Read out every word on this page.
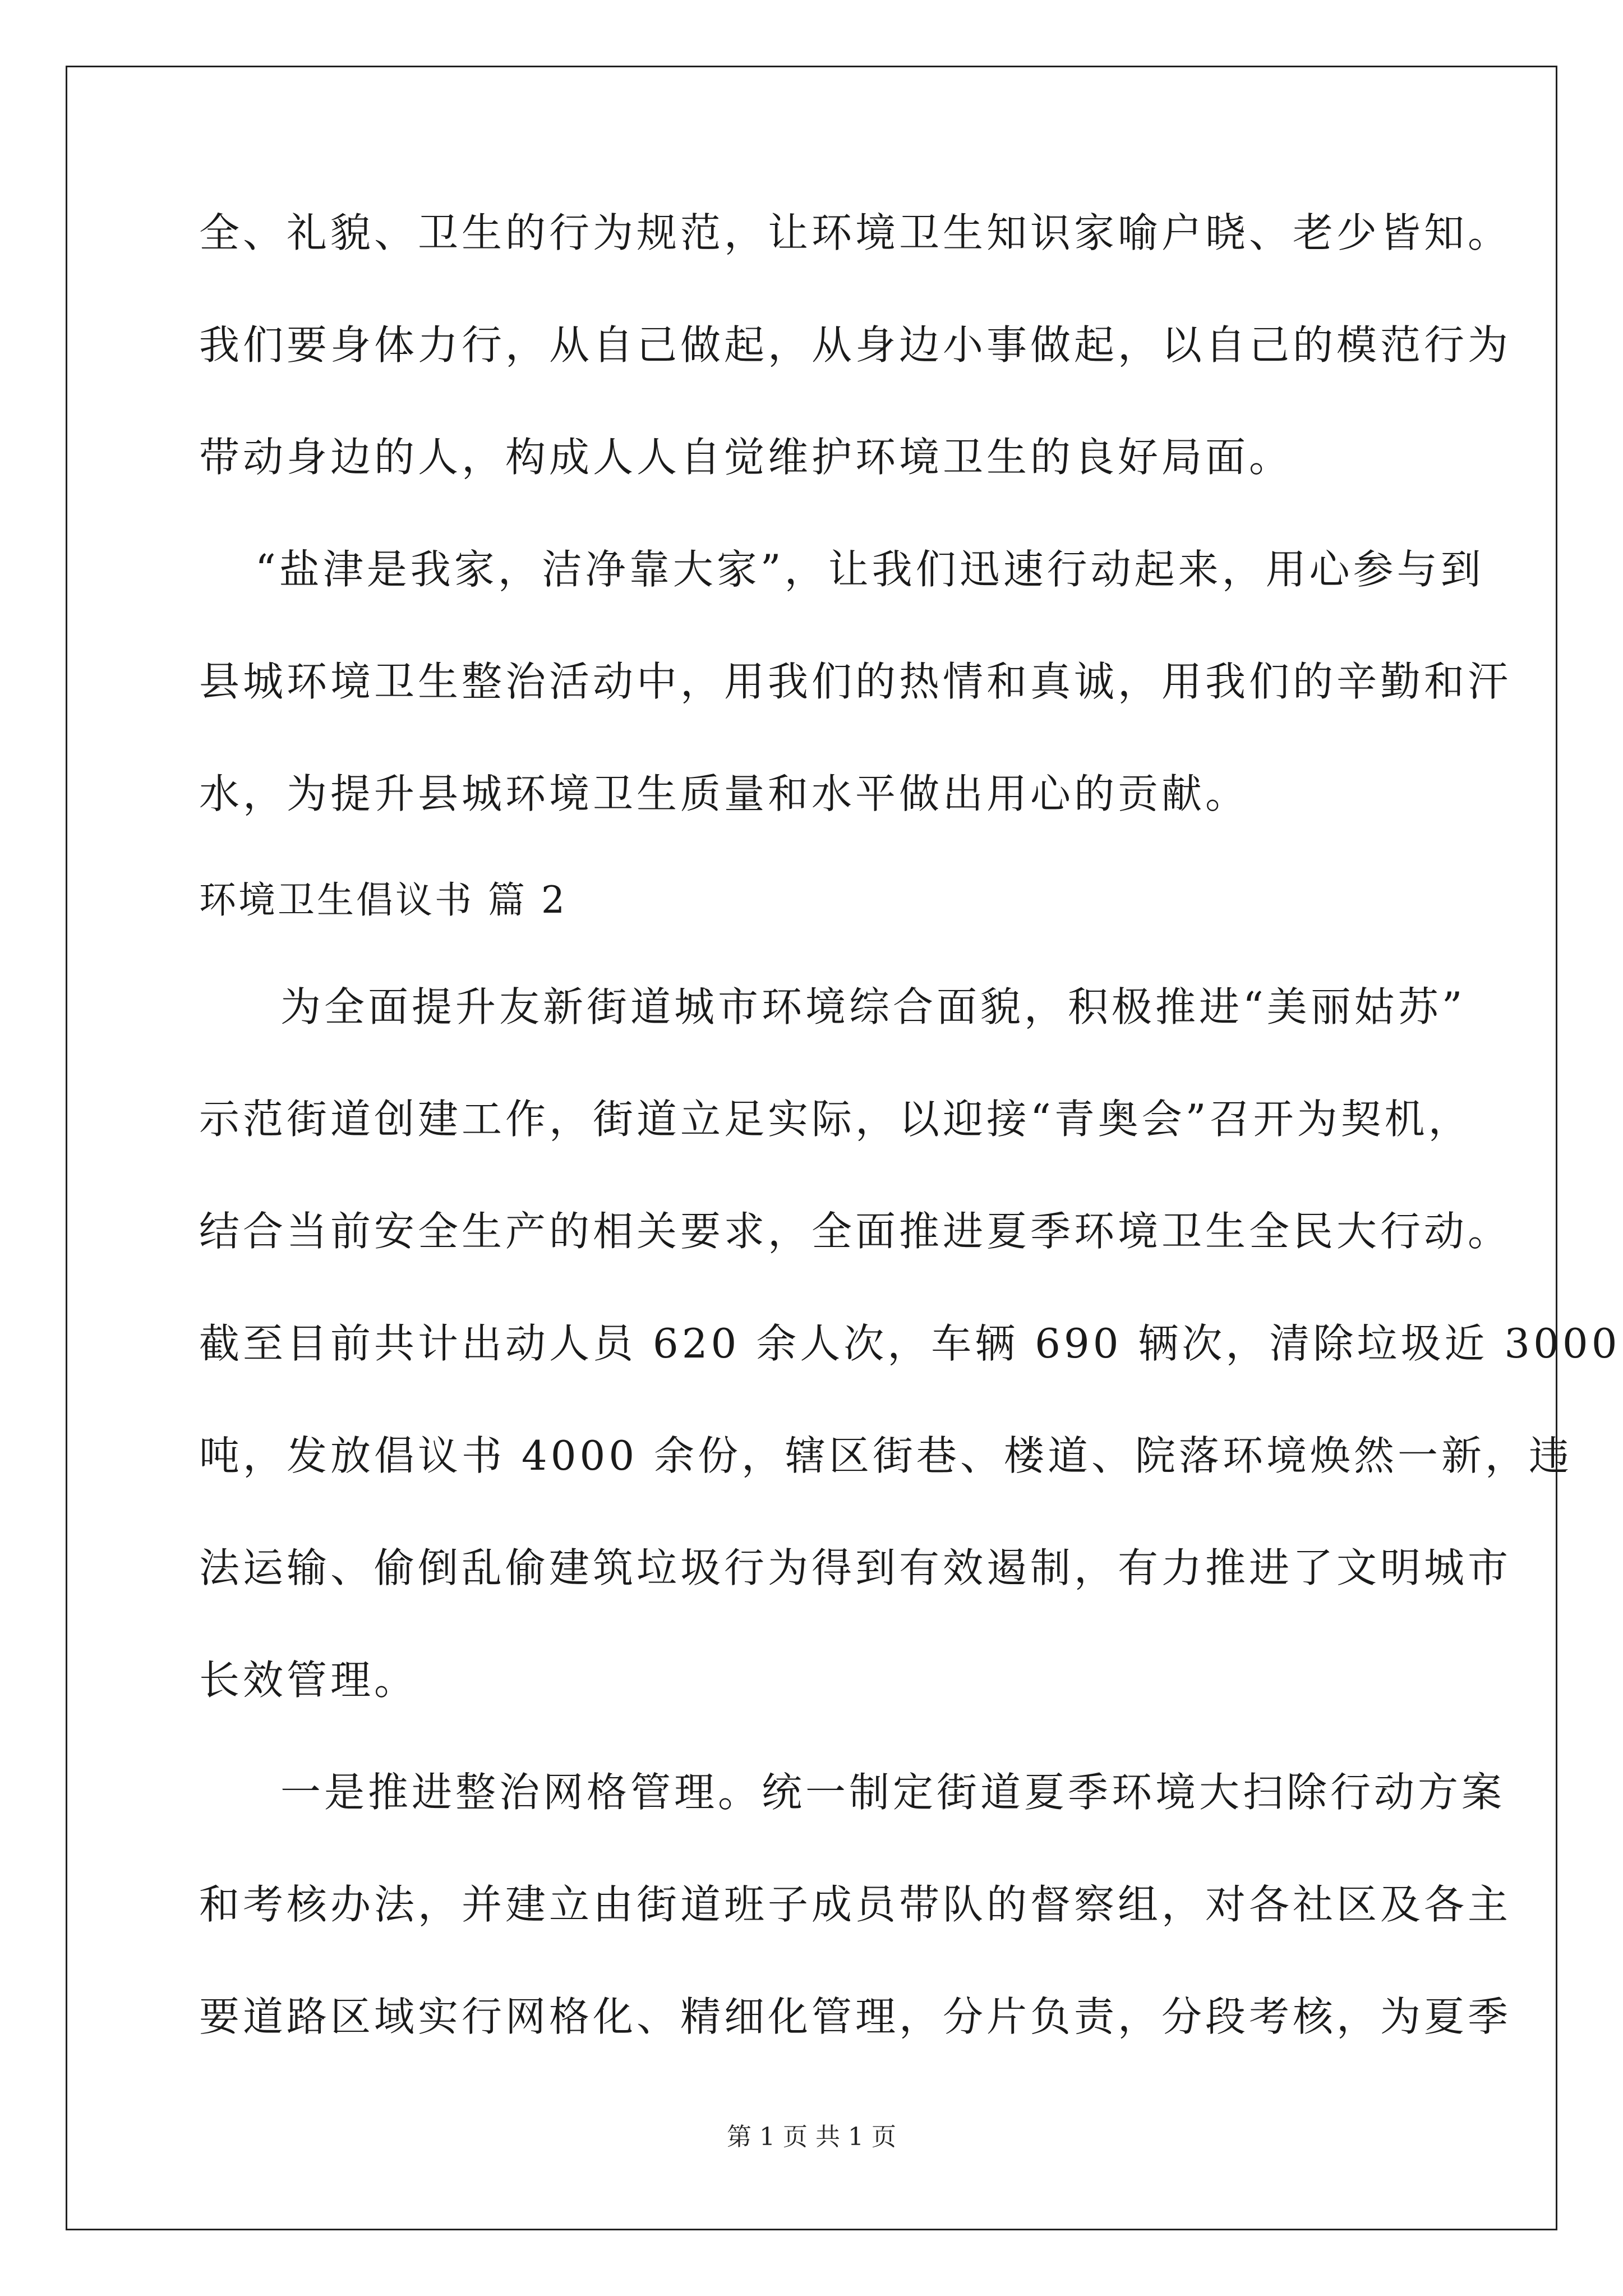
全、礼貌、卫生的行为规范，让环境卫生知识家喻户晓、老少皆知。
我们要身体力行，从自己做起，从身边小事做起，以自己的模范行为
带动身边的人，构成人人自觉维护环境卫生的良好局面。
“盐津是我家，洁净靠大家”，让我们迅速行动起来，用心参与到
县城环境卫生整治活动中，用我们的热情和真诚，用我们的辛勤和汗
水，为提升县城环境卫生质量和水平做出用心的贡献。
环境卫生倡议书 篇 2
为全面提升友新街道城市环境综合面貌，积极推进“美丽姑苏”
示范街道创建工作，街道立足实际，以迎接“青奥会”召开为契机，
结合当前安全生产的相关要求，全面推进夏季环境卫生全民大行动。
截至目前共计出动人员 620 余人次，车辆 690 辆次，清除垃圾近 3000
吨，发放倡议书 4000 余份，辖区街巷、楼道、院落环境焕然一新，违
法运输、偷倒乱偷建筑垃圾行为得到有效遏制，有力推进了文明城市
长效管理。
一是推进整治网格管理。统一制定街道夏季环境大扫除行动方案
和考核办法，并建立由街道班子成员带队的督察组，对各社区及各主
要道路区域实行网格化、精细化管理，分片负责，分段考核，为夏季
第 1 页 共 1 页
